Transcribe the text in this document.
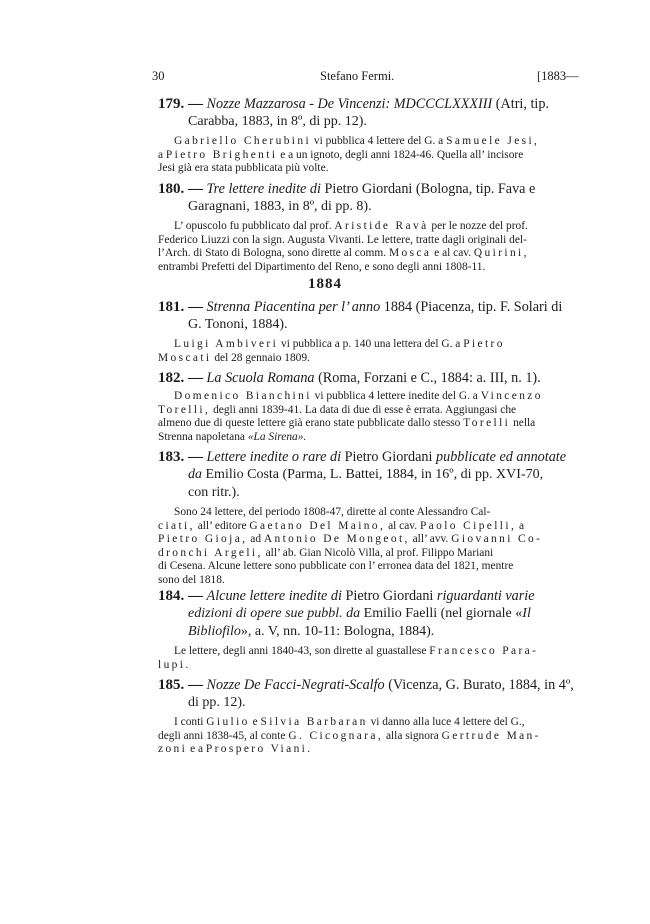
30	Stefano Fermi.	[1883—
179. — Nozze Mazzarosa - De Vincenzi: MDCCCLXXXIII (Atri, tip.
Carabba, 1883, in 8º, di pp. 12).
Gabriello Cherubini vi pubblica 4 lettere del G. a Samuele Jesi,
a Pietro Brighenti e a un ignoto, degli anni 1824-46. Quella all’ incisore
Jesi già era stata pubblicata più volte.
180. — Tre lettere inedite di Pietro Giordani (Bologna, tip. Fava e
Garagnani, 1883, in 8º, di pp. 8).
L’ opuscolo fu pubblicato dal prof. Aristide Ravà per le nozze del prof.
Federico Liuzzi con la sign. Augusta Vivanti. Le lettere, tratte dagli originali del-
l’Arch. di Stato di Bologna, sono dirette al comm. Mosca e al cav. Quirini,
entrambi Prefetti del Dipartimento del Reno, e sono degli anni 1808-11.
1884
181. — Strenna Piacentina per l’ anno 1884 (Piacenza, tip. F. Solari di
G. Tononi, 1884).
Luigi Ambiveri vi pubblica a p. 140 una lettera del G. a Pietro
Moscati del 28 gennaio 1809.
182. — La Scuola Romana (Roma, Forzani e C., 1884: a. III, n. 1).
Domenico Bianchini vi pubblica 4 lettere inedite del G. a Vincenzo
Torelli, degli anni 1839-41. La data di due di esse è errata. Aggiungasi che
almeno due di queste lettere già erano state pubblicate dallo stesso Torelli nella
Strenna napoletana «La Sirena».
183. — Lettere inedite o rare di Pietro Giordani pubblicate ed annotate
da Emilio Costa (Parma, L. Battei, 1884, in 16º, di pp. XVI-70,
con ritr.).
Sono 24 lettere, del periodo 1808-47, dirette al conte Alessandro Cal-
ciati, all’ editore Gaetano Del Maino, al cav. Paolo Cipelli, a
Pietro Gioja, ad Antonio De Mongeot, all’ avv. Giovanni Co-
dronchi Argeli, all’ ab. Gian Nicolò Villa, al prof. Filippo Mariani
di Cesena. Alcune lettere sono pubblicate con l’ erronea data del 1821, mentre
sono del 1818.
184. — Alcune lettere inedite di Pietro Giordani riguardanti varie
edizioni di opere sue pubbl. da Emilio Faelli (nel giornale «Il
Bibliofilo», a. V, nn. 10-11: Bologna, 1884).
Le lettere, degli anni 1840-43, son dirette al guastallese Francesco Para-
lupi.
185. — Nozze De Facci-Negrati-Scalfo (Vicenza, G. Burato, 1884, in 4º,
di pp. 12).
I conti Giulio e Silvia Barbaran vi danno alla luce 4 lettere del G.,
degli anni 1838-45, al conte G. Cicognara, alla signora Gertrude Man-
zoni e a Prospero Viani.
